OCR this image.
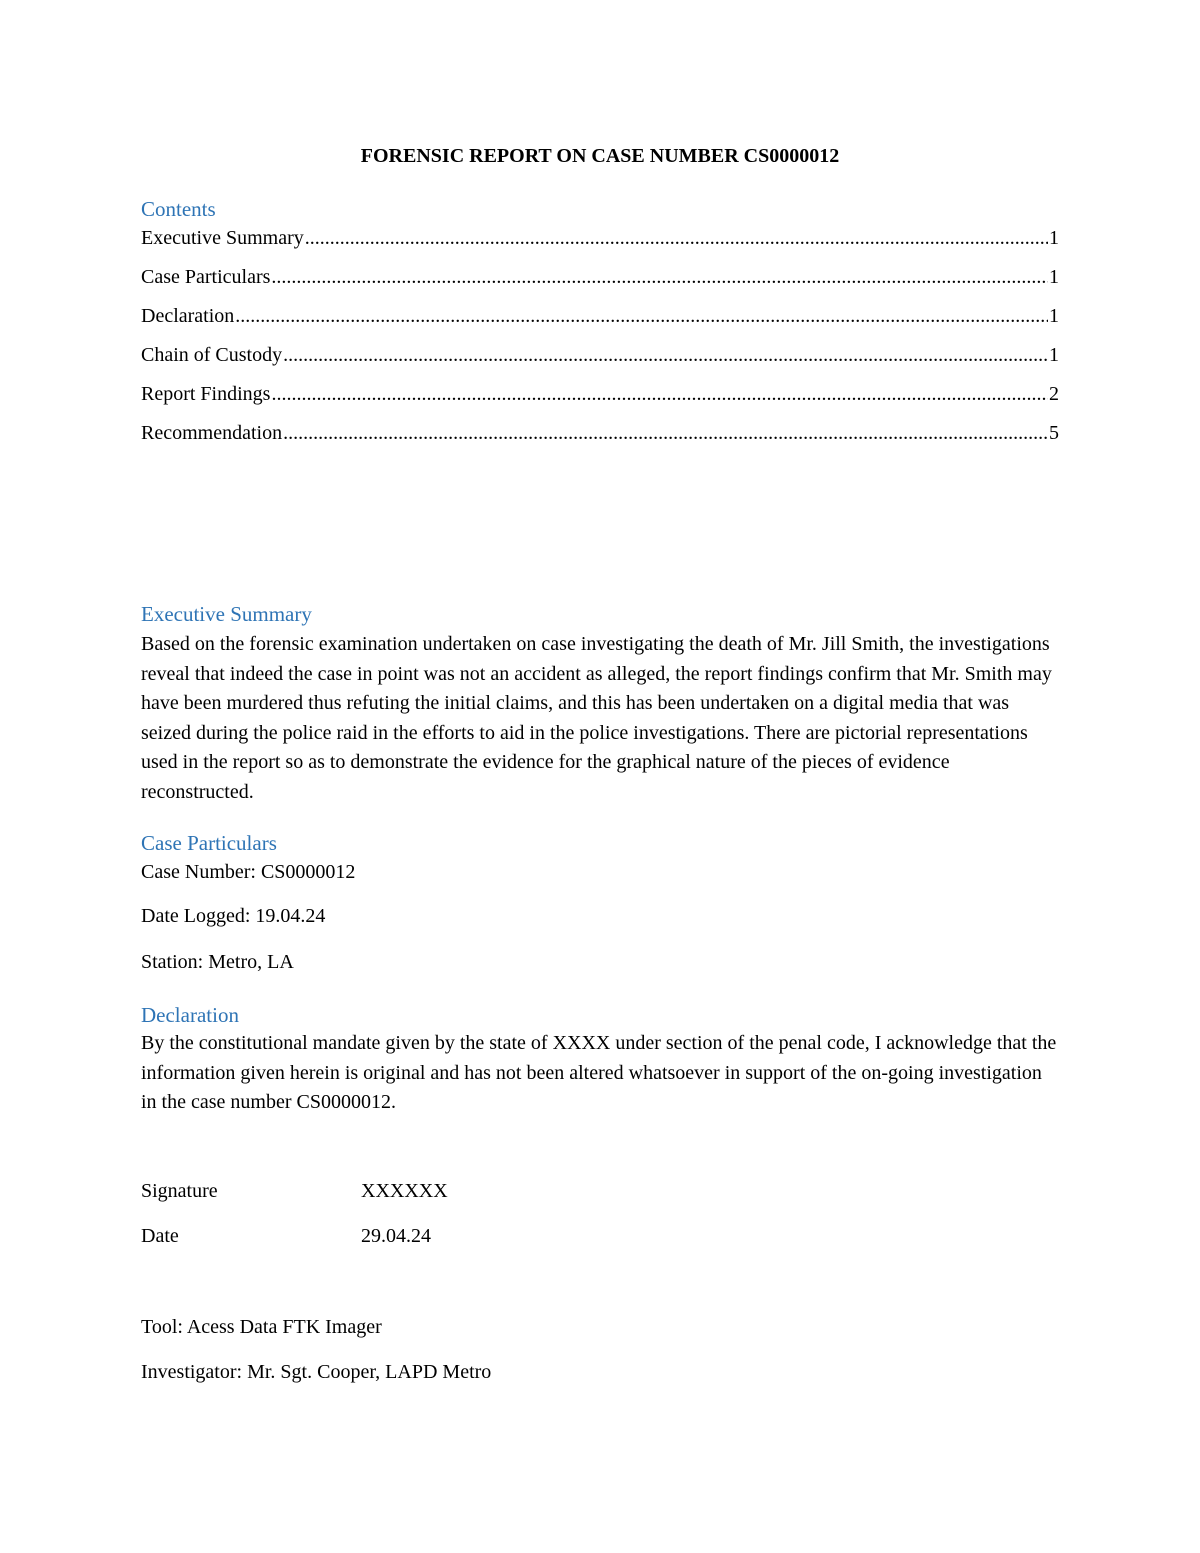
FORENSIC REPORT ON CASE NUMBER CS0000012
Contents
Executive Summary .....	1
Case Particulars .....	1
Declaration .....	1
Chain of Custody .....	1
Report Findings .....	2
Recommendation .....	5
Executive Summary

Based on the forensic examination undertaken on case investigating the death of Mr. Jill Smith, the investigations reveal that indeed the case in point was not an accident as alleged, the report findings confirm that Mr. Smith may have been murdered thus refuting the initial claims, and this has been undertaken on a digital media that was seized during the police raid in the efforts to aid in the police investigations. There are pictorial representations used in the report so as to demonstrate the evidence for the graphical nature of the pieces of evidence reconstructed.

Case Particulars

Case Number: CS0000012

Date Logged: 19.04.24

Station: Metro, LA

Declaration

By the constitutional mandate given by the state of XXXX under section of the penal code, I acknowledge that the information given herein is original and has not been altered whatsoever in support of the on-going investigation in the case number CS0000012.

Signature	XXXXXX

Date	29.04.24

Tool: Acess Data FTK Imager

Investigator: Mr. Sgt. Cooper, LAPD Metro
